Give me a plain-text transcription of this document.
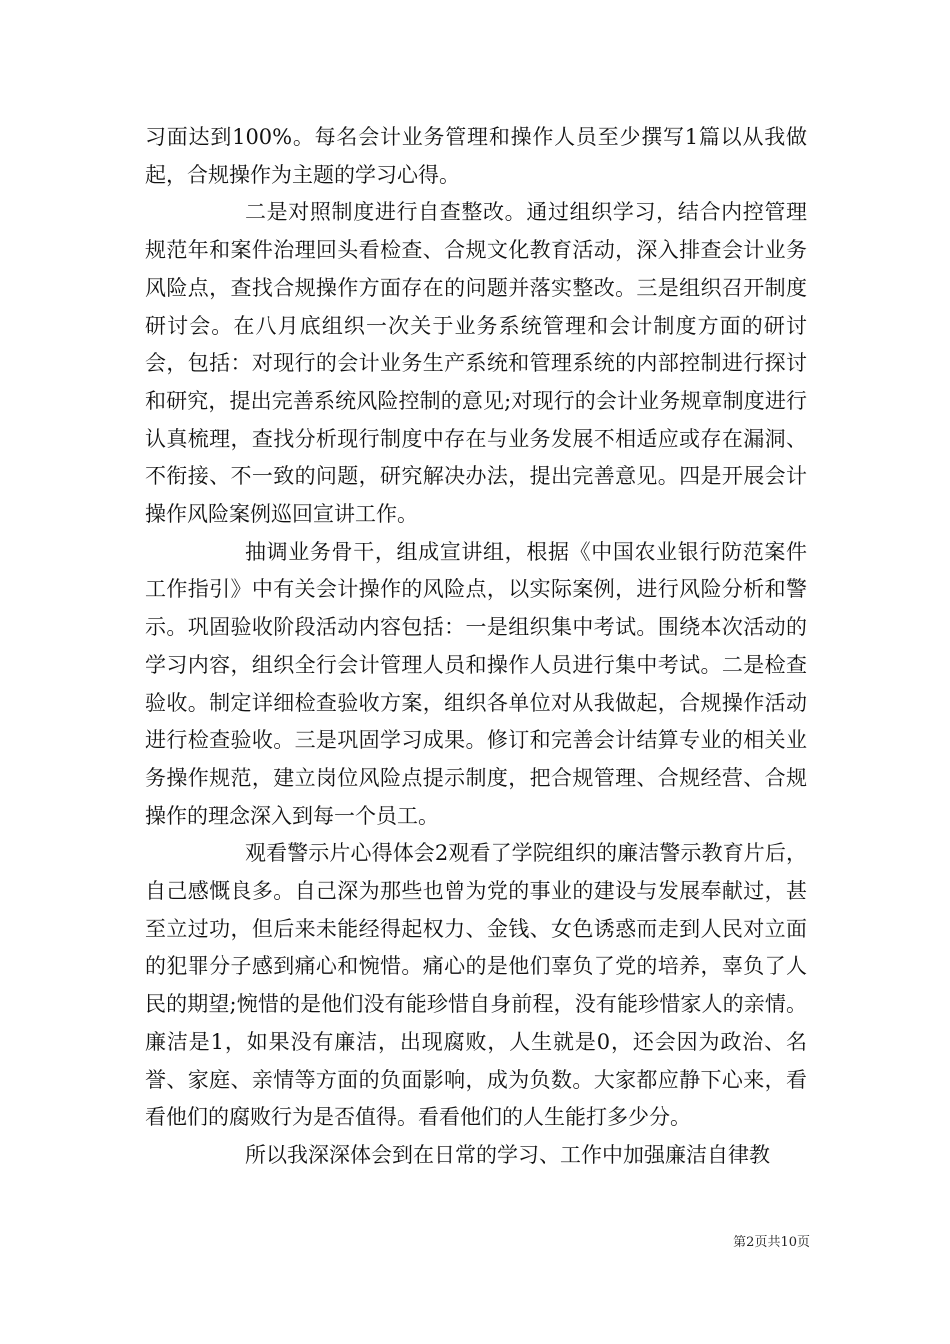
习面达到100%。每名会计业务管理和操作人员至少撰写1篇以从我做起，合规操作为主题的学习心得。

二是对照制度进行自查整改。通过组织学习，结合内控管理规范年和案件治理回头看检查、合规文化教育活动，深入排查会计业务风险点，查找合规操作方面存在的问题并落实整改。三是组织召开制度研讨会。在八月底组织一次关于业务系统管理和会计制度方面的研讨会，包括：对现行的会计业务生产系统和管理系统的内部控制进行探讨和研究，提出完善系统风险控制的意见;对现行的会计业务规章制度进行认真梳理，查找分析现行制度中存在与业务发展不相适应或存在漏洞、不衔接、不一致的问题，研究解决办法，提出完善意见。四是开展会计操作风险案例巡回宣讲工作。

抽调业务骨干，组成宣讲组，根据《中国农业银行防范案件工作指引》中有关会计操作的风险点，以实际案例，进行风险分析和警示。巩固验收阶段活动内容包括：一是组织集中考试。围绕本次活动的学习内容，组织全行会计管理人员和操作人员进行集中考试。二是检查验收。制定详细检查验收方案，组织各单位对从我做起，合规操作活动进行检查验收。三是巩固学习成果。修订和完善会计结算专业的相关业务操作规范，建立岗位风险点提示制度，把合规管理、合规经营、合规操作的理念深入到每一个员工。

观看警示片心得体会2观看了学院组织的廉洁警示教育片后，自己感慨良多。自己深为那些也曾为党的事业的建设与发展奉献过，甚至立过功，但后来未能经得起权力、金钱、女色诱惑而走到人民对立面的犯罪分子感到痛心和惋惜。痛心的是他们辜负了党的培养，辜负了人民的期望;惋惜的是他们没有能珍惜自身前程，没有能珍惜家人的亲情。廉洁是1，如果没有廉洁，出现腐败，人生就是0，还会因为政治、名誉、家庭、亲情等方面的负面影响，成为负数。大家都应静下心来，看看他们的腐败行为是否值得。看看他们的人生能打多少分。

所以我深深体会到在日常的学习、工作中加强廉洁自律教

第2页共10页
